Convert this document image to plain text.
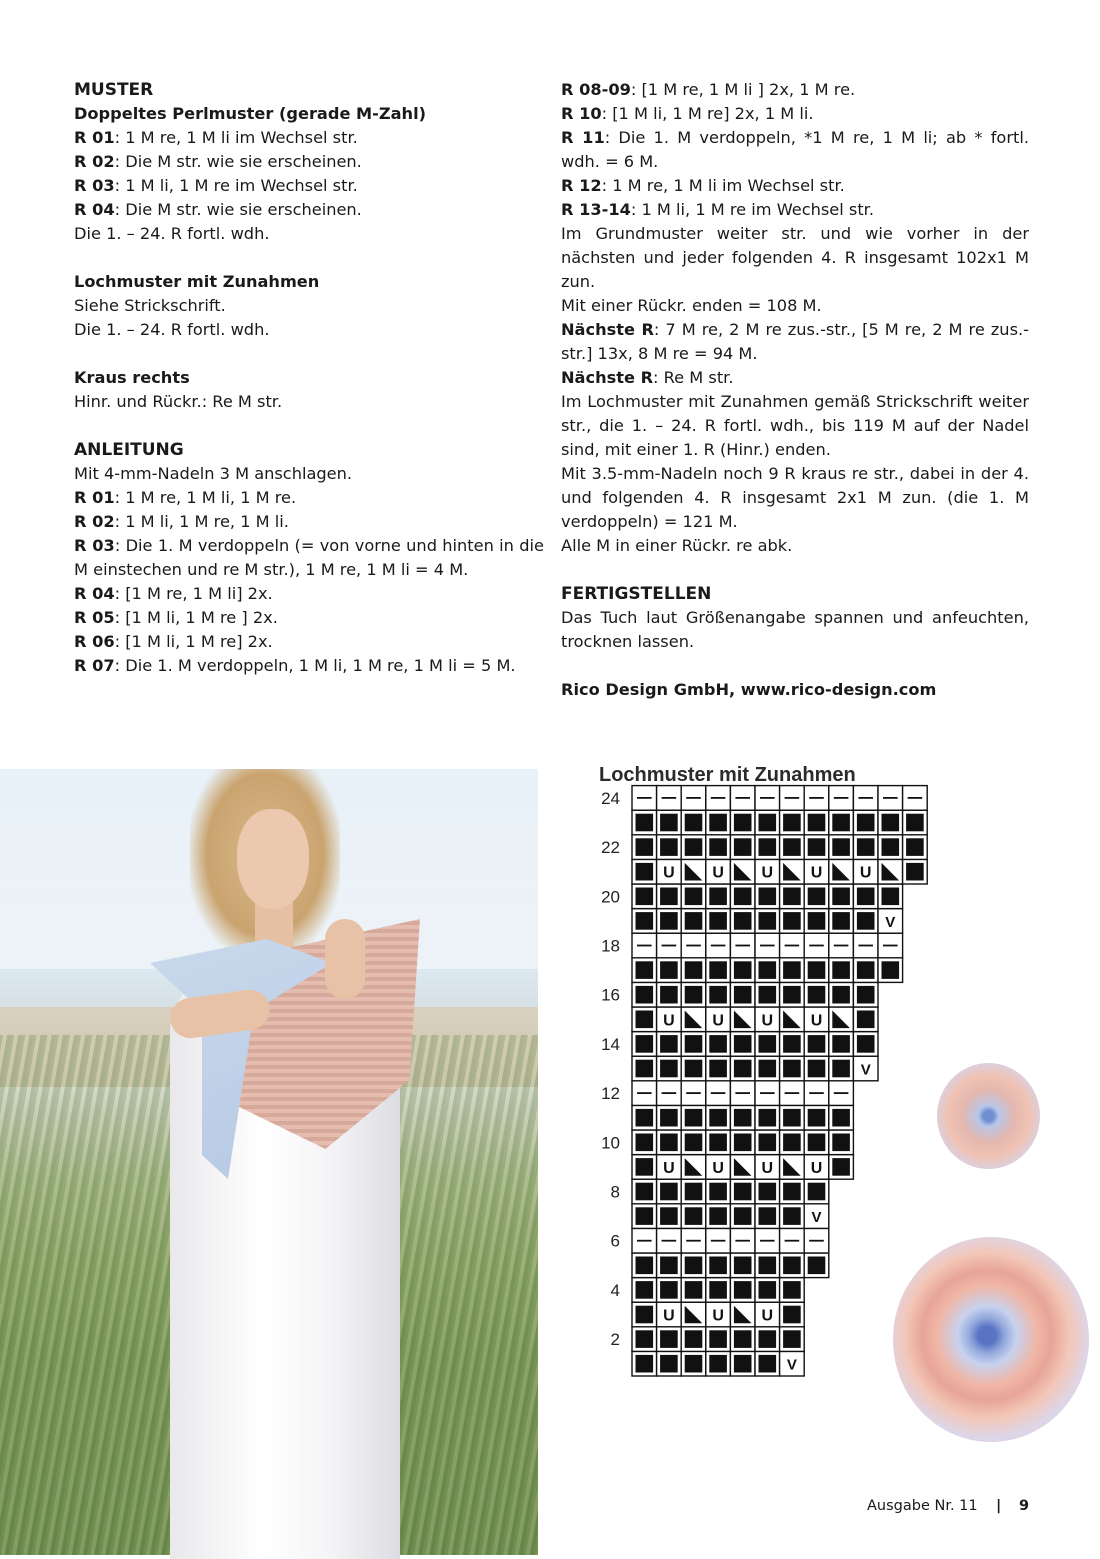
MUSTER

Doppeltes Perlmuster (gerade M-Zahl)

R 01: 1 M re, 1 M li im Wechsel str.

R 02: Die M str. wie sie erscheinen.

R 03: 1 M li, 1 M re im Wechsel str.

R 04: Die M str. wie sie erscheinen.

Die 1. – 24. R fortl. wdh.

Lochmuster mit Zunahmen

Siehe Strickschrift.

Die 1. – 24. R fortl. wdh.

Kraus rechts

Hinr. und Rückr.: Re M str.

ANLEITUNG

Mit 4-mm-Nadeln 3 M anschlagen.

R 01: 1 M re, 1 M li, 1 M re.

R 02: 1 M li, 1 M re, 1 M li.

R 03: Die 1. M verdoppeln (= von vorne und hinten in die M einstechen und re M str.), 1 M re, 1 M li = 4 M.

R 04: [1 M re, 1 M li] 2x.

R 05: [1 M li, 1 M re ] 2x.

R 06: [1 M li, 1 M re] 2x.

R 07: Die 1. M verdoppeln, 1 M li, 1 M re, 1 M li = 5 M.

R 08-09: [1 M re, 1 M li ] 2x, 1 M re.

R 10: [1 M li, 1 M re] 2x, 1 M li.

R 11: Die 1. M verdoppeln, *1 M re, 1 M li; ab * fortl. wdh. = 6 M.

R 12: 1 M re, 1 M li im Wechsel str.

R 13-14: 1 M li, 1 M re im Wechsel str.

Im Grundmuster weiter str. und wie vorher in der nächsten und jeder folgenden 4. R insgesamt 102x1 M zun.

Mit einer Rückr. enden = 108 M.

Nächste R: 7 M re, 2 M re zus.-str., [5 M re, 2 M re zus.-str.] 13x, 8 M re = 94 M.

Nächste R: Re M str.

Im Lochmuster mit Zunahmen gemäß Strickschrift weiter str., die 1. – 24. R fortl. wdh., bis 119 M auf der Nadel sind, mit einer 1. R (Hinr.) enden.

Mit 3.5-mm-Nadeln noch 9 R kraus re str., dabei in der 4. und folgenden 4. R insgesamt 2x1 M zun. (die 1. M verdoppeln) = 121 M.

Alle M in einer Rückr. re abk.

FERTIGSTELLEN

Das Tuch laut Größenangabe spannen und anfeuchten, trocknen lassen.

Rico Design GmbH, www.rico-design.com

Lochmuster mit Zunahmen
V
U U U
V
U U U U
V
U U U U
V
U U U U U
2
4
6
8
10
12
14
16
18
20
22
24
Ausgabe Nr. 11 | 9
